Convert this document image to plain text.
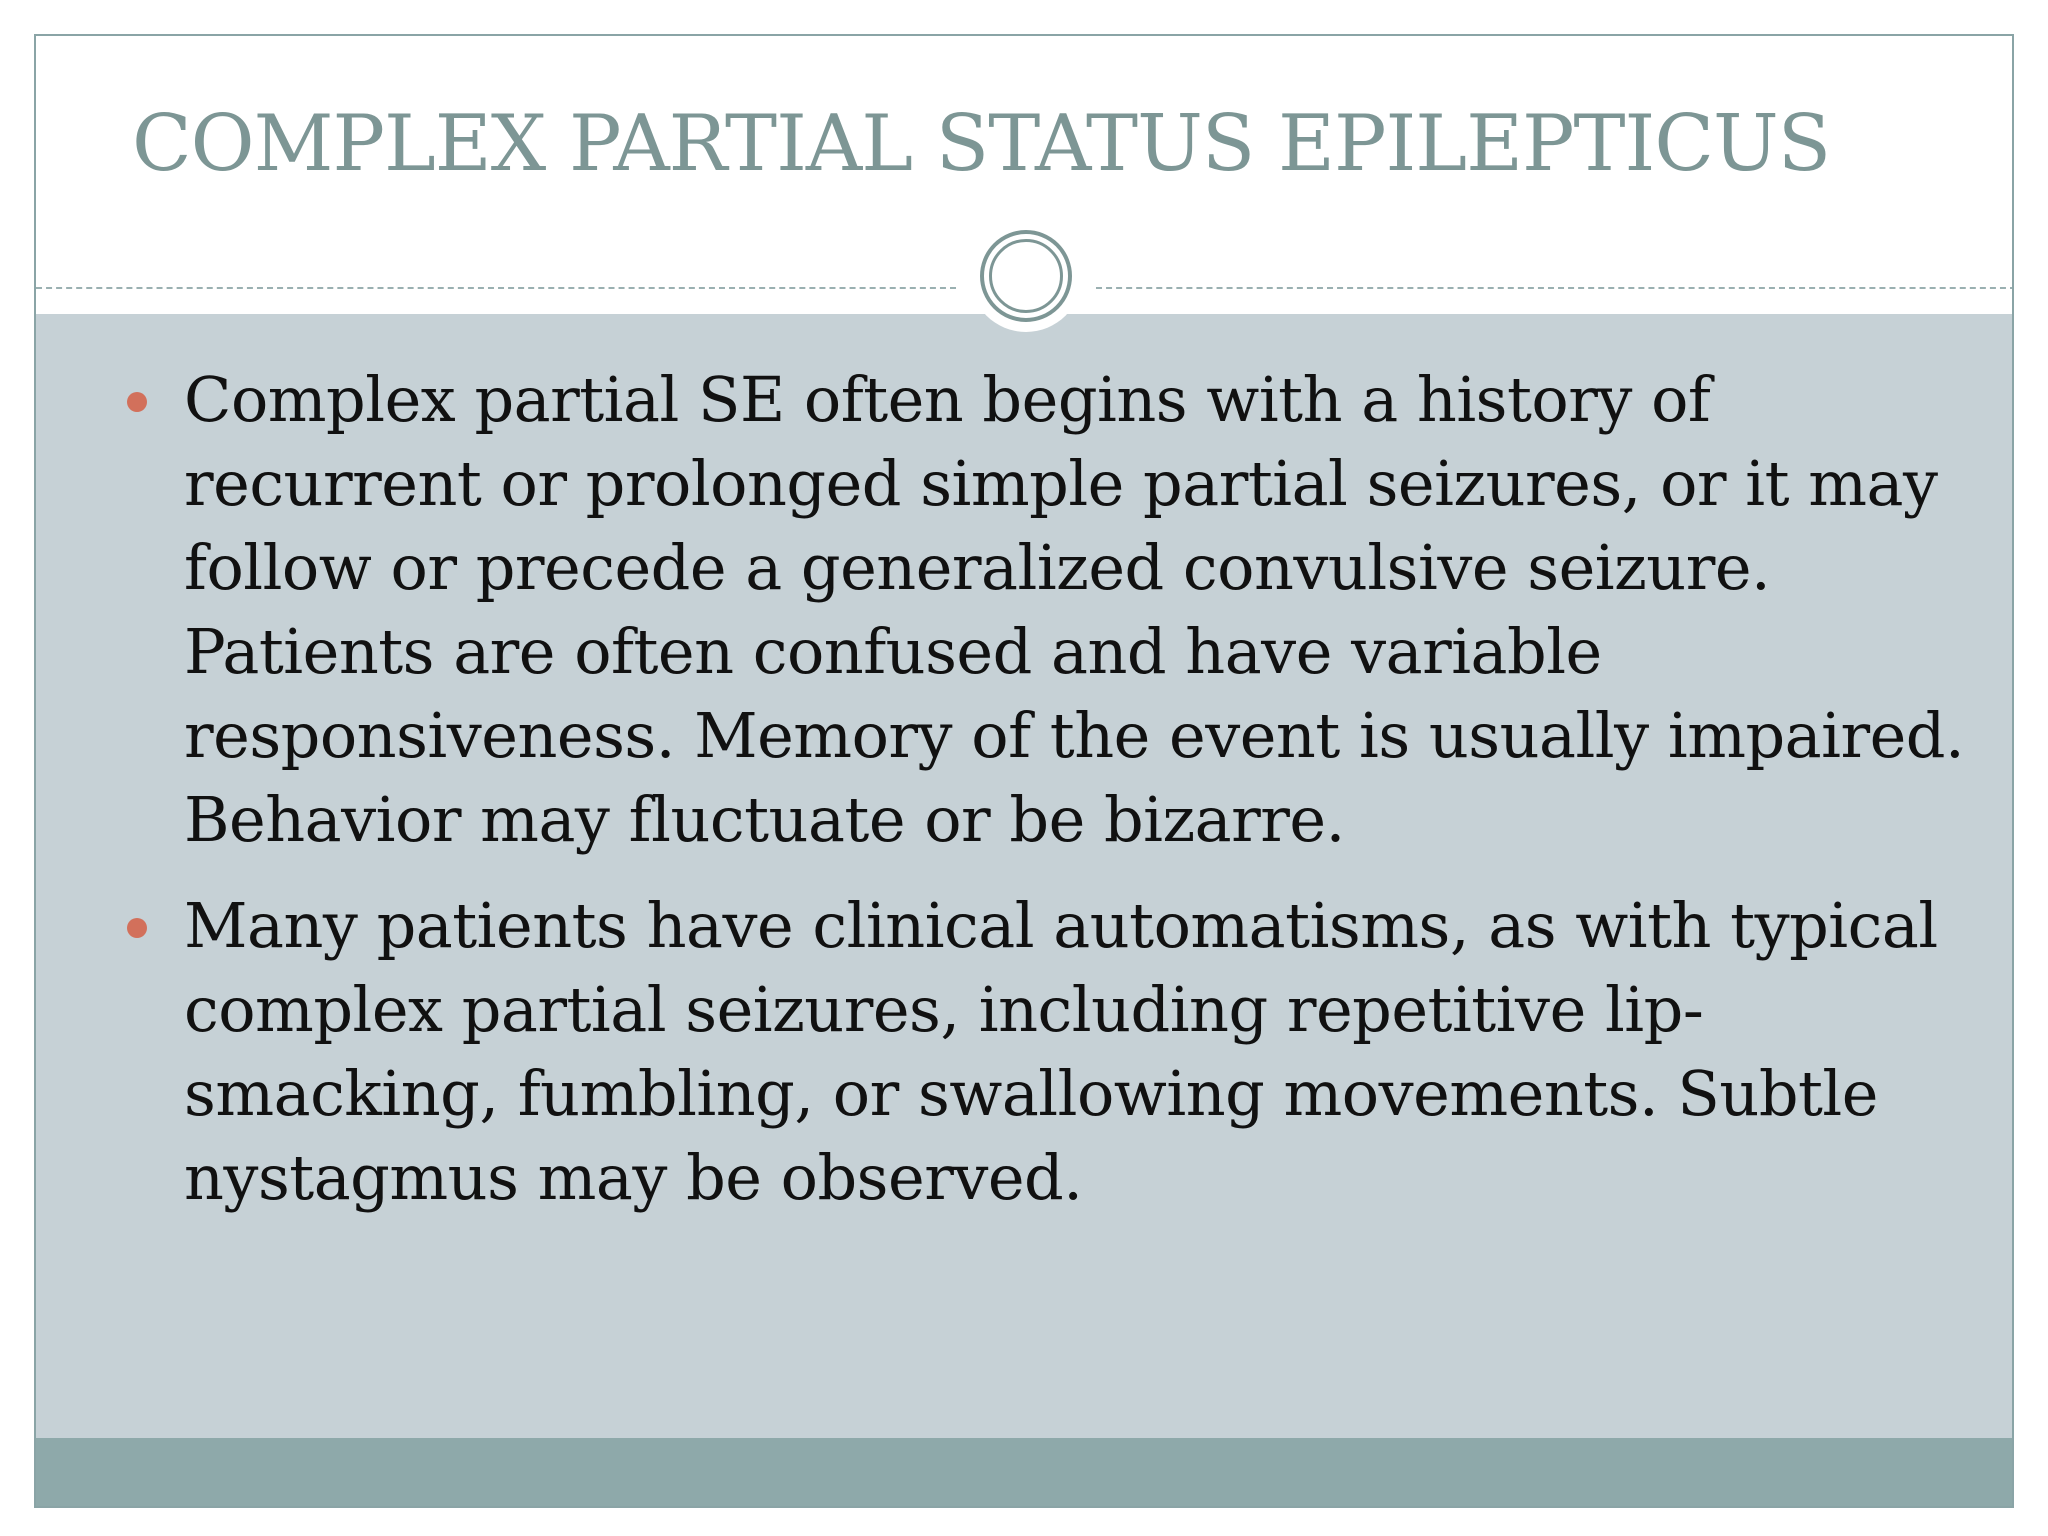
COMPLEX PARTIAL STATUS EPILEPTICUS
Complex partial SE often begins with a history of recurrent or prolonged simple partial seizures, or it may follow or precede a generalized convulsive seizure. Patients are often confused and have variable responsiveness. Memory of the event is usually impaired. Behavior may fluctuate or be bizarre.
Many patients have clinical automatisms, as with typical complex partial seizures, including repetitive lip-smacking, fumbling, or swallowing movements. Subtle nystagmus may be observed.
